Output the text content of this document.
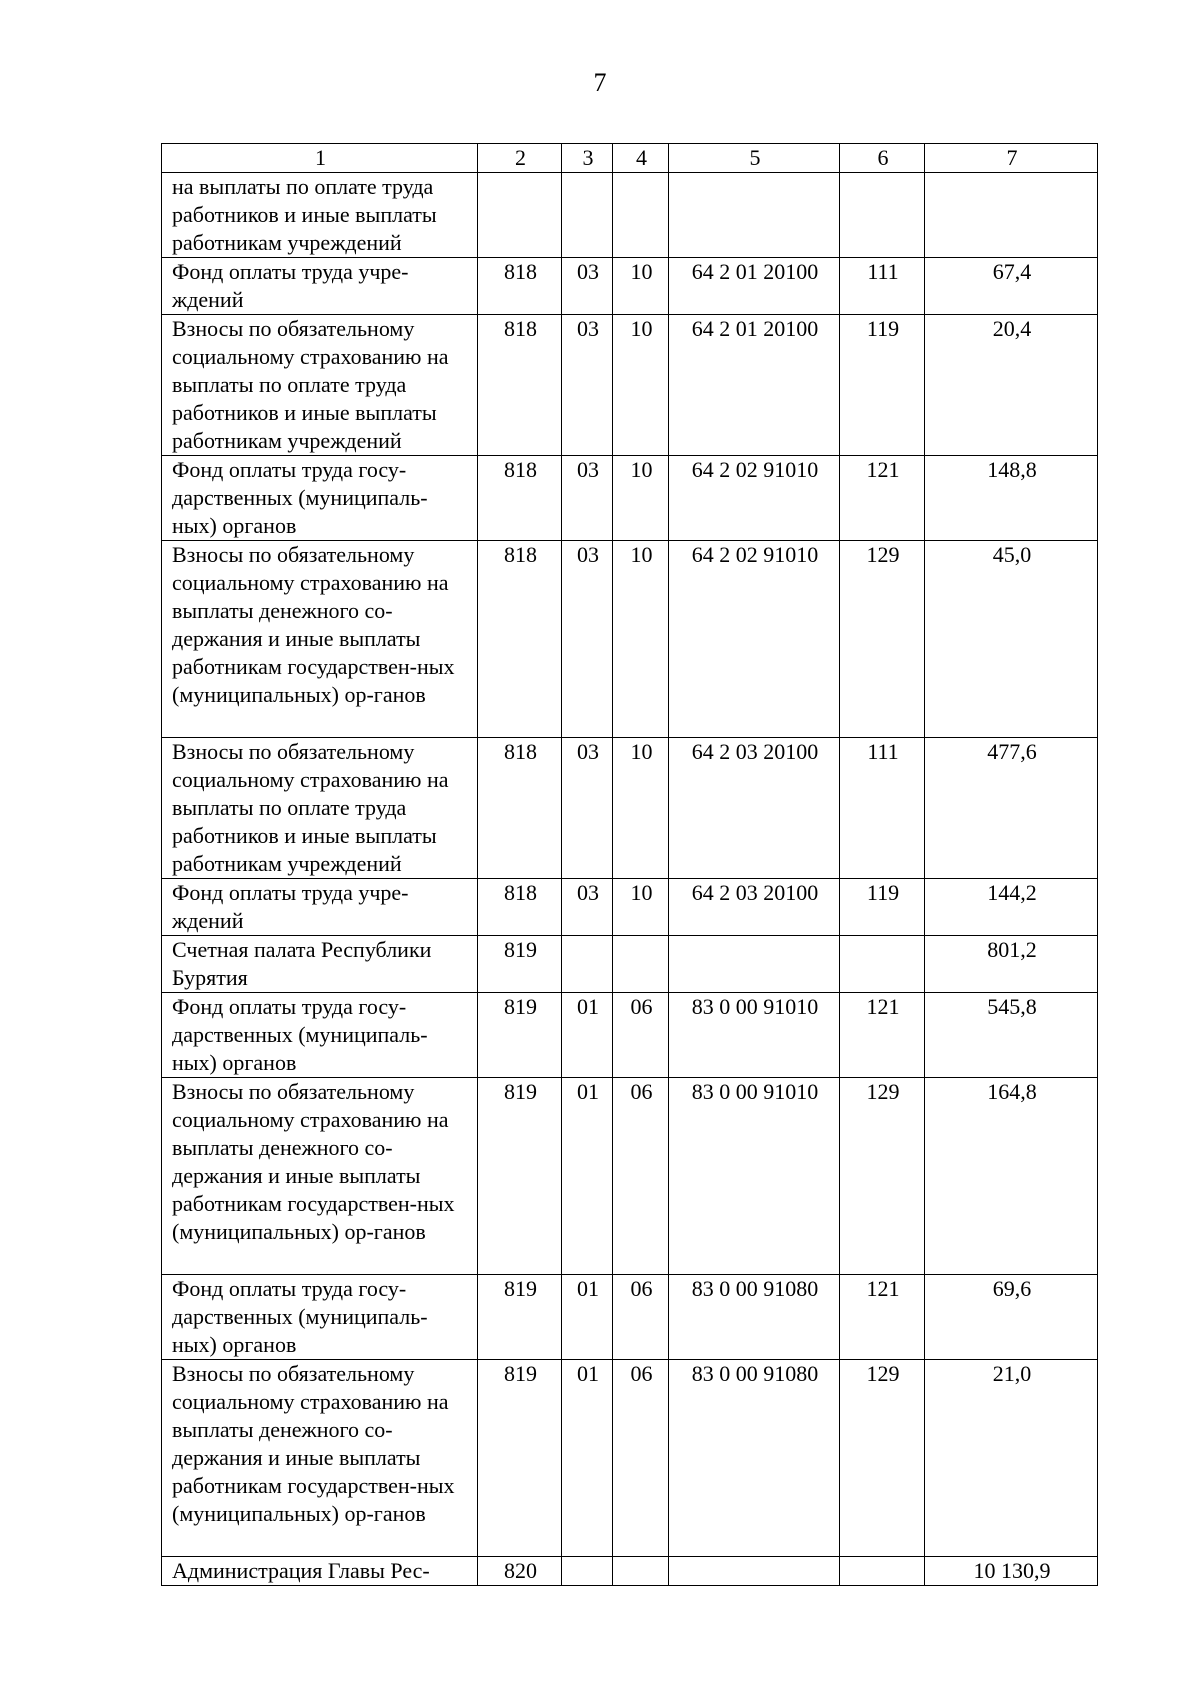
7
1	2	3	4	5	6	7
на выплаты по оплате труда работников и иные выплаты работникам учреждений						
Фонд оплаты труда учре-ждений	818	03	10	64 2 01 20100	111	67,4
Взносы по обязательному социальному страхованию на выплаты по оплате труда работников и иные выплаты работникам учреждений	818	03	10	64 2 01 20100	119	20,4
Фонд оплаты труда госу-дарственных (муниципаль-ных) органов	818	03	10	64 2 02 91010	121	148,8
Взносы по обязательному социальному страхованию на выплаты денежного со-держания и иные выплаты работникам государствен-ных (муниципальных) ор-ганов	818	03	10	64 2 02 91010	129	45,0
Взносы по обязательному социальному страхованию на выплаты по оплате труда работников и иные выплаты работникам учреждений	818	03	10	64 2 03 20100	111	477,6
Фонд оплаты труда учре-ждений	818	03	10	64 2 03 20100	119	144,2
Счетная палата Республики Бурятия	819					801,2
Фонд оплаты труда госу-дарственных (муниципаль-ных) органов	819	01	06	83 0 00 91010	121	545,8
Взносы по обязательному социальному страхованию на выплаты денежного со-держания и иные выплаты работникам государствен-ных (муниципальных) ор-ганов	819	01	06	83 0 00 91010	129	164,8
Фонд оплаты труда госу-дарственных (муниципаль-ных) органов	819	01	06	83 0 00 91080	121	69,6
Взносы по обязательному социальному страхованию на выплаты денежного со-держания и иные выплаты работникам государствен-ных (муниципальных) ор-ганов	819	01	06	83 0 00 91080	129	21,0
Администрация Главы Рес-	820					10 130,9
